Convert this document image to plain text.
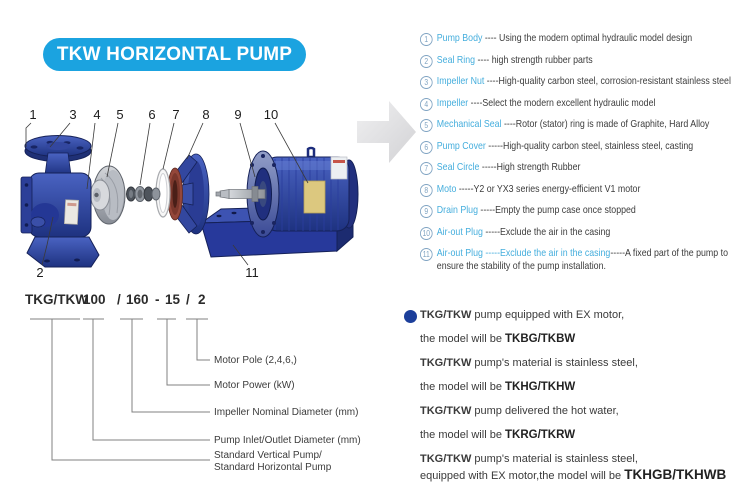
TKW HORIZONTAL PUMP
1	3 4 5 6 7 8 9 10
2	11
1 Pump Body ---- Using the modern optimal hydraulic model design
2 Seal Ring ---- high strength rubber parts
3 Impeller Nut ----High-quality carbon steel, corrosion-resistant stainless steel
4 Impeller ----Select the modern excellent hydraulic model
5 Mechanical Seal ----Rotor (stator) ring is made of Graphite, Hard Alloy
6 Pump Cover -----High-quality carbon steel, stainless steel, casting
7 Seal Circle -----High strength Rubber
8 Moto -----Y2 or YX3 series energy-efficient V1 motor
9 Drain Plug -----Empty the pump case once stopped
10 Air-out Plug -----Exclude the air in the casing
11 Air-out Plug -----Exclude the air in the casing-----A fixed part of the pump to ensure the stability of the pump installation.
TKG/TKW
100 / 160 - 15 / 2
Motor Pole (2,4,6,)
Motor Power (kW)
Impeller Nominal Diameter (mm)
Pump Inlet/Outlet Diameter (mm)
Standard Vertical Pump/
Standard Horizontal Pump

TKG/TKW pump equipped with EX motor,

the model will be TKBG/TKBW

TKG/TKW pump's material is stainless steel,

the model will be TKHG/TKHW

TKG/TKW pump delivered the hot water,

the model will be TKRG/TKRW

TKG/TKW pump's material is stainless steel,

equipped with EX motor,the model will be TKHGB/TKHWB
